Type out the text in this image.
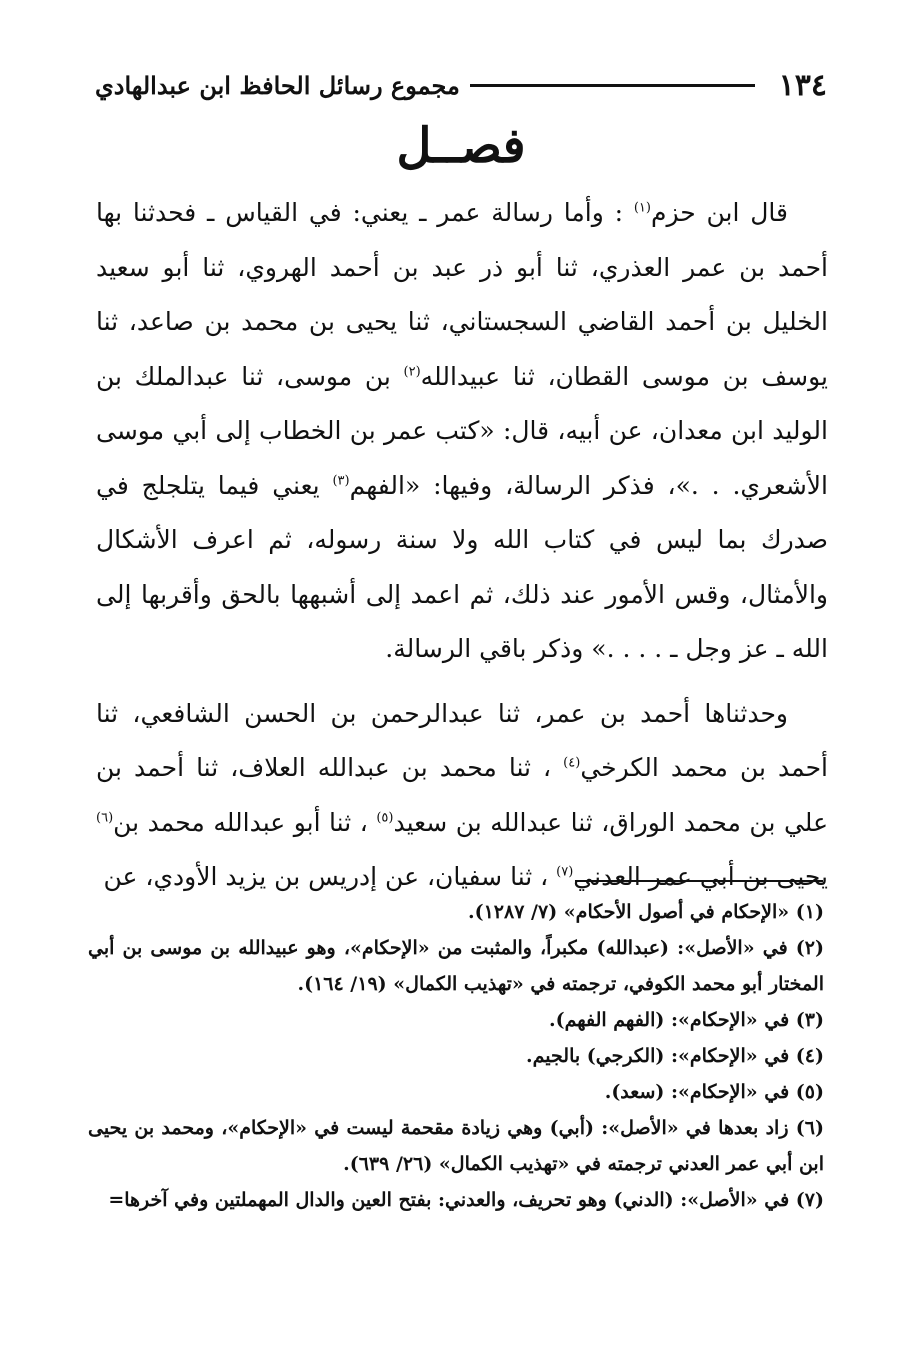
١٣٤
مجموع رسائل الحافظ ابن عبدالهادي
فصــل

قال ابن حزم$^{(١)}$ : وأما رسالة عمر ـ يعني: في القياس ـ فحدثنا بها أحمد بن عمر العذري، ثنا أبو ذر عبد بن أحمد الهروي، ثنا أبو سعيد الخليل بن أحمد القاضي السجستاني، ثنا يحيى بن محمد بن صاعد، ثنا يوسف بن موسى القطان، ثنا عبيدالله$^{(٢)}$ بن موسى، ثنا عبدالملك بن الوليد ابن معدان، عن أبيه، قال: «كتب عمر بن الخطاب إلى أبي موسى الأشعري. . .»، فذكر الرسالة، وفيها: «الفهم$^{(٣)}$ يعني فيما يتلجلج في صدرك بما ليس في كتاب الله ولا سنة رسوله، ثم اعرف الأشكال والأمثال، وقس الأمور عند ذلك، ثم اعمد إلى أشبهها بالحق وأقربها إلى الله ـ عز وجل ـ . . . .» وذكر باقي الرسالة.

وحدثناها أحمد بن عمر، ثنا عبدالرحمن بن الحسن الشافعي، ثنا أحمد بن محمد الكرخي$^{(٤)}$ ، ثنا محمد بن عبدالله العلاف، ثنا أحمد بن علي بن محمد الوراق، ثنا عبدالله بن سعيد$^{(٥)}$ ، ثنا أبو عبدالله محمد بن$^{(٦)}$ يحيى بن أبي عمر العدني$^{(٧)}$ ، ثنا سفيان، عن إدريس بن يزيد الأودي، عن

(١) «الإحكام في أصول الأحكام» (٧/ ١٢٨٧).

(٢) في «الأصل»: (عبدالله) مكبراً، والمثبت من «الإحكام»، وهو عبيدالله بن موسى بن أبي المختار أبو محمد الكوفي، ترجمته في «تهذيب الكمال» (١٩/ ١٦٤).

(٣) في «الإحكام»: (الفهم الفهم).

(٤) في «الإحكام»: (الكرجي) بالجيم.

(٥) في «الإحكام»: (سعد).

(٦) زاد بعدها في «الأصل»: (أبي) وهي زيادة مقحمة ليست في «الإحكام»، ومحمد بن يحيى ابن أبي عمر العدني ترجمته في «تهذيب الكمال» (٢٦/ ٦٣٩).

(٧) في «الأصل»: (الدني) وهو تحريف، والعدني: بفتح العين والدال المهملتين وفي آخرها=
